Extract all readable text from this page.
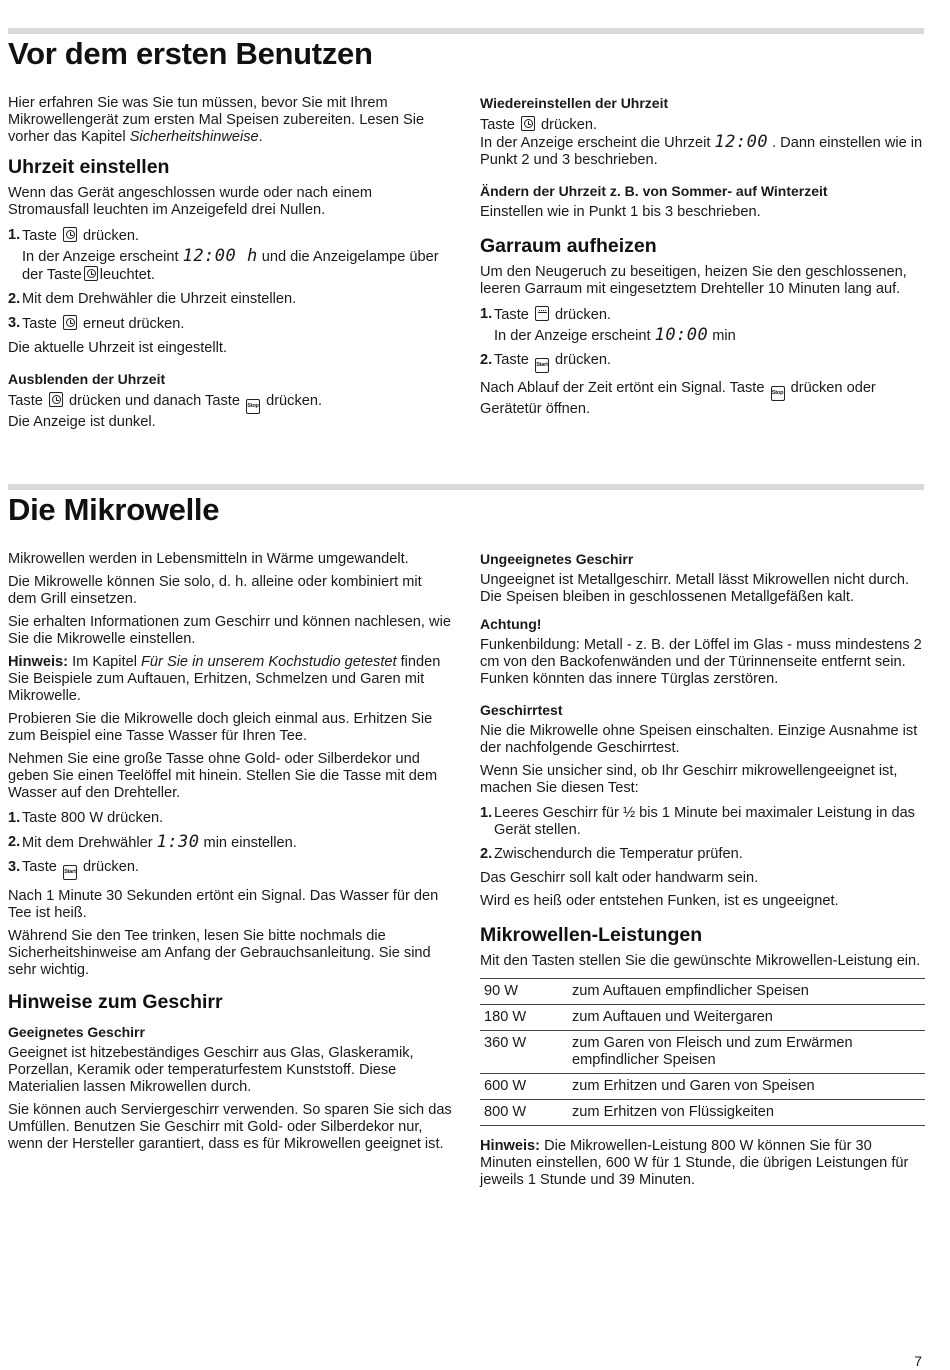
Vor dem ersten Benutzen

Hier erfahren Sie was Sie tun müssen, bevor Sie mit Ihrem Mikrowellengerät zum ersten Mal Speisen zubereiten. Lesen Sie vorher das Kapitel Sicherheitshinweise.

Uhrzeit einstellen

Wenn das Gerät angeschlossen wurde oder nach einem Stromausfall leuchten im Anzeigefeld drei Nullen.

1. Taste drücken.
In der Anzeige erscheint 12:00 h und die Anzeigelampe über der Taste leuchtet.
2. Mit dem Drehwähler die Uhrzeit einstellen.
3. Taste erneut drücken.

Die aktuelle Uhrzeit ist eingestellt.

Ausblenden der Uhrzeit

Taste drücken und danach Taste Stop drücken.
Die Anzeige ist dunkel.

Wiedereinstellen der Uhrzeit

Taste drücken.
In der Anzeige erscheint die Uhrzeit 12:00 . Dann einstellen wie in Punkt 2 und 3 beschrieben.

Ändern der Uhrzeit z. B. von Sommer- auf Winterzeit

Einstellen wie in Punkt 1 bis 3 beschrieben.

Garraum aufheizen

Um den Neugeruch zu beseitigen, heizen Sie den geschlossenen, leeren Garraum mit eingesetztem Drehteller 10 Minuten lang auf.

1. Taste drücken.
In der Anzeige erscheint 10:00 min
2. Taste Start drücken.

Nach Ablauf der Zeit ertönt ein Signal. Taste Stop drücken oder Gerätetür öffnen.

Die Mikrowelle

Mikrowellen werden in Lebensmitteln in Wärme umgewandelt.

Die Mikrowelle können Sie solo, d. h. alleine oder kombiniert mit dem Grill einsetzen.

Sie erhalten Informationen zum Geschirr und können nachlesen, wie Sie die Mikrowelle einstellen.

Hinweis: Im Kapitel Für Sie in unserem Kochstudio getestet finden Sie Beispiele zum Auftauen, Erhitzen, Schmelzen und Garen mit Mikrowelle.

Probieren Sie die Mikrowelle doch gleich einmal aus. Erhitzen Sie zum Beispiel eine Tasse Wasser für Ihren Tee.

Nehmen Sie eine große Tasse ohne Gold- oder Silberdekor und geben Sie einen Teelöffel mit hinein. Stellen Sie die Tasse mit dem Wasser auf den Drehteller.

1. Taste 800 W drücken.
2. Mit dem Drehwähler 1:30 min einstellen.
3. Taste Start drücken.

Nach 1 Minute 30 Sekunden ertönt ein Signal. Das Wasser für den Tee ist heiß.

Während Sie den Tee trinken, lesen Sie bitte nochmals die Sicherheitshinweise am Anfang der Gebrauchsanleitung. Sie sind sehr wichtig.

Hinweise zum Geschirr
Geeignetes Geschirr

Geeignet ist hitzebeständiges Geschirr aus Glas, Glaskeramik, Porzellan, Keramik oder temperaturfestem Kunststoff. Diese Materialien lassen Mikrowellen durch.

Sie können auch Serviergeschirr verwenden. So sparen Sie sich das Umfüllen. Benutzen Sie Geschirr mit Gold- oder Silberdekor nur, wenn der Hersteller garantiert, dass es für Mikrowellen geeignet ist.

Ungeeignetes Geschirr

Ungeeignet ist Metallgeschirr. Metall lässt Mikrowellen nicht durch. Die Speisen bleiben in geschlossenen Metallgefäßen kalt.

Achtung!

Funkenbildung: Metall - z. B. der Löffel im Glas - muss mindestens 2 cm von den Backofenwänden und der Türinnenseite entfernt sein. Funken könnten das innere Türglas zerstören.

Geschirrtest

Nie die Mikrowelle ohne Speisen einschalten. Einzige Ausnahme ist der nachfolgende Geschirrtest.

Wenn Sie unsicher sind, ob Ihr Geschirr mikrowellengeeignet ist, machen Sie diesen Test:

1. Leeres Geschirr für ½ bis 1 Minute bei maximaler Leistung in das Gerät stellen.
2. Zwischendurch die Temperatur prüfen.

Das Geschirr soll kalt oder handwarm sein.

Wird es heiß oder entstehen Funken, ist es ungeeignet.

Mikrowellen-Leistungen

Mit den Tasten stellen Sie die gewünschte Mikrowellen-Leistung ein.

90 W	zum Auftauen empfindlicher Speisen
180 W	zum Auftauen und Weitergaren
360 W	zum Garen von Fleisch und zum Erwärmen empfindlicher Speisen
600 W	zum Erhitzen und Garen von Speisen
800 W	zum Erhitzen von Flüssigkeiten

Hinweis: Die Mikrowellen-Leistung 800 W können Sie für 30 Minuten einstellen, 600 W für 1 Stunde, die übrigen Leistungen für jeweils 1 Stunde und 39 Minuten.

7
